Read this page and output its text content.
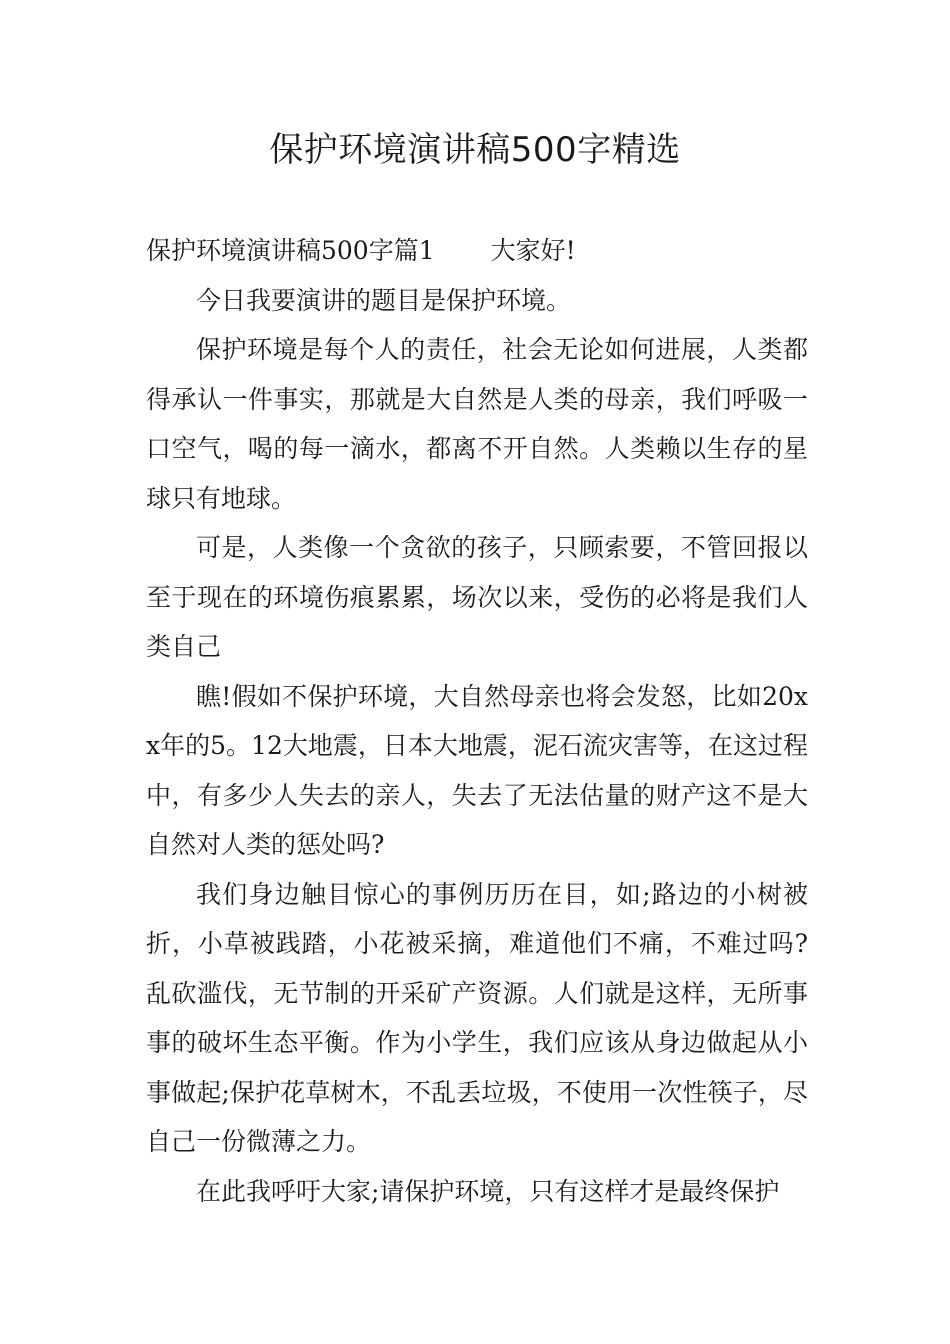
保护环境演讲稿500字精选

保护环境演讲稿500字篇1 大家好!

今日我要演讲的题目是保护环境。

保护环境是每个人的责任，社会无论如何进展，人类都得承认一件事实，那就是大自然是人类的母亲，我们呼吸一口空气，喝的每一滴水，都离不开自然。人类赖以生存的星球只有地球。

可是，人类像一个贪欲的孩子，只顾索要，不管回报以至于现在的环境伤痕累累，场次以来，受伤的必将是我们人类自己

瞧!假如不保护环境，大自然母亲也将会发怒，比如20xx年的5。12大地震，日本大地震，泥石流灾害等，在这过程中，有多少人失去的亲人，失去了无法估量的财产这不是大自然对人类的惩处吗?

我们身边触目惊心的事例历历在目，如;路边的小树被折，小草被践踏，小花被采摘，难道他们不痛，不难过吗?乱砍滥伐，无节制的开采矿产资源。人们就是这样，无所事事的破坏生态平衡。作为小学生，我们应该从身边做起从小事做起;保护花草树木，不乱丢垃圾，不使用一次性筷子，尽自己一份微薄之力。

在此我呼吁大家;请保护环境，只有这样才是最终保护
